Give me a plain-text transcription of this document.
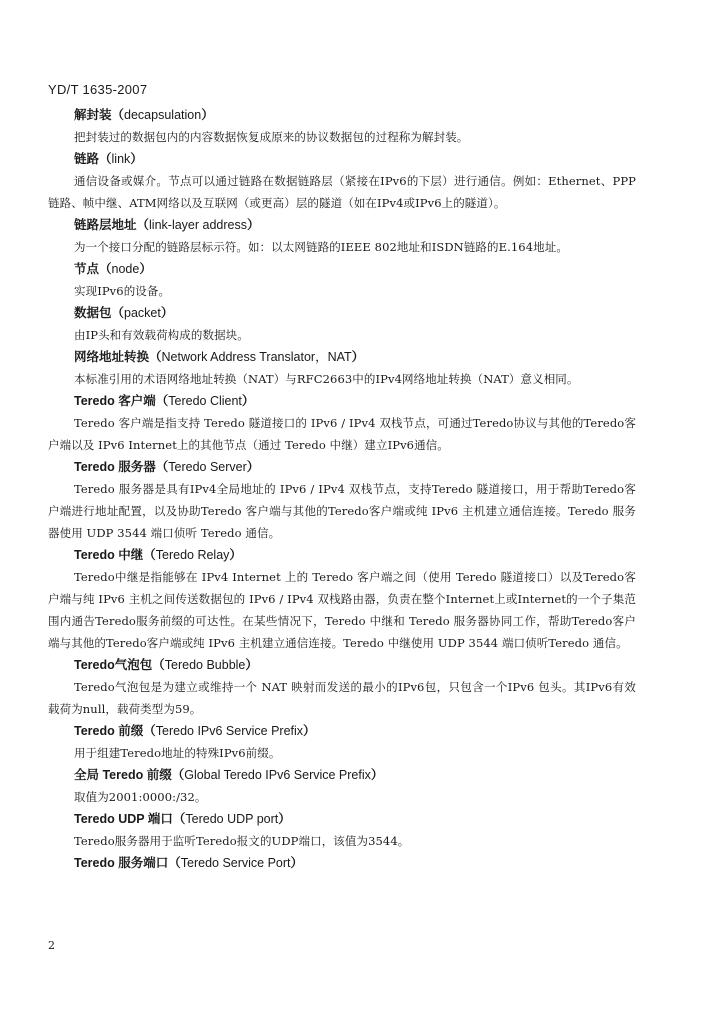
YD/T 1635-2007
解封装（decapsulation）
把封装过的数据包内的内容数据恢复成原来的协议数据包的过程称为解封装。
链路（link）
通信设备或媒介。节点可以通过链路在数据链路层（紧接在IPv6的下层）进行通信。例如：Ethernet、PPP链路、帧中继、ATM网络以及互联网（或更高）层的隧道（如在IPv4或IPv6上的隧道）。
链路层地址（link-layer address）
为一个接口分配的链路层标示符。如：以太网链路的IEEE 802地址和ISDN链路的E.164地址。
节点（node）
实现IPv6的设备。
数据包（packet）
由IP头和有效载荷构成的数据块。
网络地址转换（Network Address Translator，NAT）
本标准引用的术语网络地址转换（NAT）与RFC2663中的IPv4网络地址转换（NAT）意义相同。
Teredo 客户端（Teredo Client）
Teredo 客户端是指支持 Teredo 隧道接口的 IPv6 / IPv4 双栈节点，可通过Teredo协议与其他的Teredo客户端以及 IPv6 Internet上的其他节点（通过 Teredo 中继）建立IPv6通信。
Teredo 服务器（Teredo Server）
Teredo 服务器是具有IPv4全局地址的 IPv6 / IPv4 双栈节点，支持Teredo 隧道接口，用于帮助Teredo客户端进行地址配置，以及协助Teredo 客户端与其他的Teredo客户端或纯 IPv6 主机建立通信连接。Teredo 服务器使用 UDP 3544 端口侦听 Teredo 通信。
Teredo 中继（Teredo Relay）
Teredo中继是指能够在 IPv4 Internet 上的 Teredo 客户端之间（使用 Teredo 隧道接口）以及Teredo客户端与纯 IPv6 主机之间传送数据包的 IPv6 / IPv4 双栈路由器，负责在整个Internet上或Internet的一个子集范围内通告Teredo服务前缀的可达性。在某些情况下，Teredo 中继和 Teredo 服务器协同工作，帮助Teredo客户端与其他的Teredo客户端或纯 IPv6 主机建立通信连接。Teredo 中继使用 UDP 3544 端口侦听Teredo 通信。
Teredo气泡包（Teredo Bubble）
Teredo气泡包是为建立或维持一个 NAT 映射而发送的最小的IPv6包，只包含一个IPv6 包头。其IPv6有效载荷为null，载荷类型为59。
Teredo 前缀（Teredo IPv6 Service Prefix）
用于组建Teredo地址的特殊IPv6前缀。
全局 Teredo 前缀（Global Teredo IPv6 Service Prefix）
取值为2001:0000:/32。
Teredo UDP 端口（Teredo UDP port）
Teredo服务器用于监听Teredo报文的UDP端口，该值为3544。
Teredo 服务端口（Teredo Service Port）
2
